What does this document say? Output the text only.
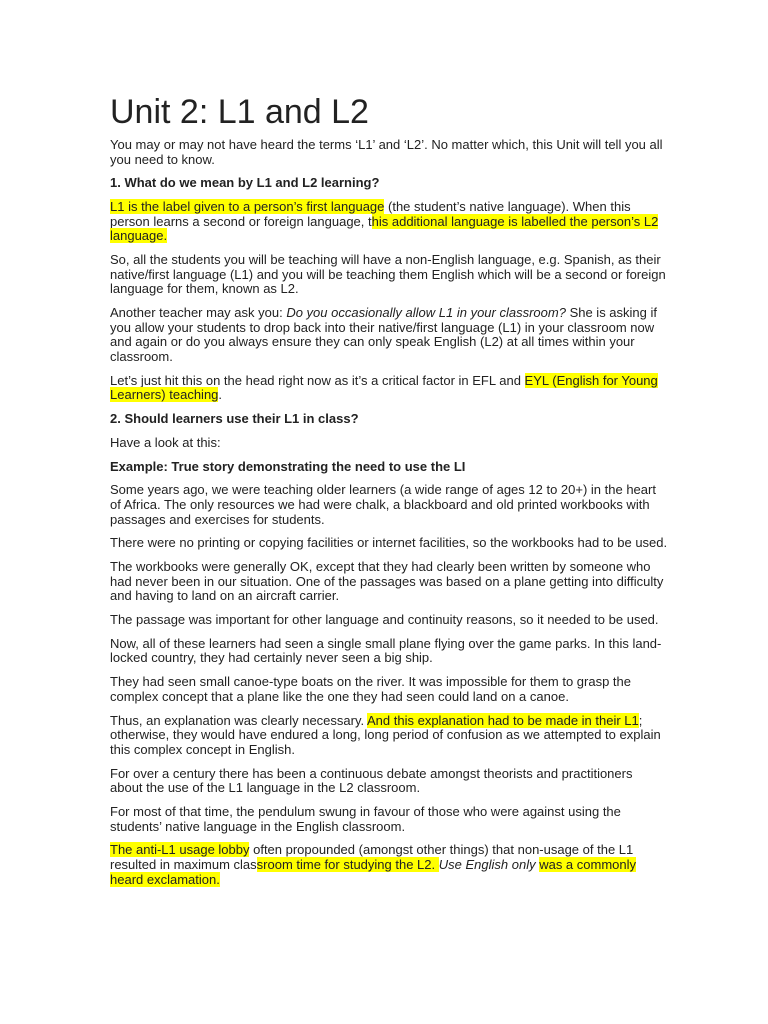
Unit 2: L1 and L2

You may or may not have heard the terms ‘L1’ and ‘L2’. No matter which, this Unit will tell you all you need to know.

1. What do we mean by L1 and L2 learning?

L1 is the label given to a person’s first language (the student’s native language). When this person learns a second or foreign language, this additional language is labelled the person’s L2 language.

So, all the students you will be teaching will have a non-English language, e.g. Spanish, as their native/first language (L1) and you will be teaching them English which will be a second or foreign language for them, known as L2.

Another teacher may ask you: Do you occasionally allow L1 in your classroom? She is asking if you allow your students to drop back into their native/first language (L1) in your classroom now and again or do you always ensure they can only speak English (L2) at all times within your classroom.

Let’s just hit this on the head right now as it’s a critical factor in EFL and EYL (English for Young Learners) teaching.

2. Should learners use their L1 in class?

Have a look at this:

Example: True story demonstrating the need to use the LI

Some years ago, we were teaching older learners (a wide range of ages 12 to 20+) in the heart of Africa. The only resources we had were chalk, a blackboard and old printed workbooks with passages and exercises for students.

There were no printing or copying facilities or internet facilities, so the workbooks had to be used.

The workbooks were generally OK, except that they had clearly been written by someone who had never been in our situation. One of the passages was based on a plane getting into difficulty and having to land on an aircraft carrier.

The passage was important for other language and continuity reasons, so it needed to be used.

Now, all of these learners had seen a single small plane flying over the game parks. In this land-locked country, they had certainly never seen a big ship.

They had seen small canoe-type boats on the river. It was impossible for them to grasp the complex concept that a plane like the one they had seen could land on a canoe.

Thus, an explanation was clearly necessary. And this explanation had to be made in their L1; otherwise, they would have endured a long, long period of confusion as we attempted to explain this complex concept in English.

For over a century there has been a continuous debate amongst theorists and practitioners about the use of the L1 language in the L2 classroom.

For most of that time, the pendulum swung in favour of those who were against using the students’ native language in the English classroom.

The anti-L1 usage lobby often propounded (amongst other things) that non-usage of the L1 resulted in maximum classroom time for studying the L2. Use English only was a commonly heard exclamation.
